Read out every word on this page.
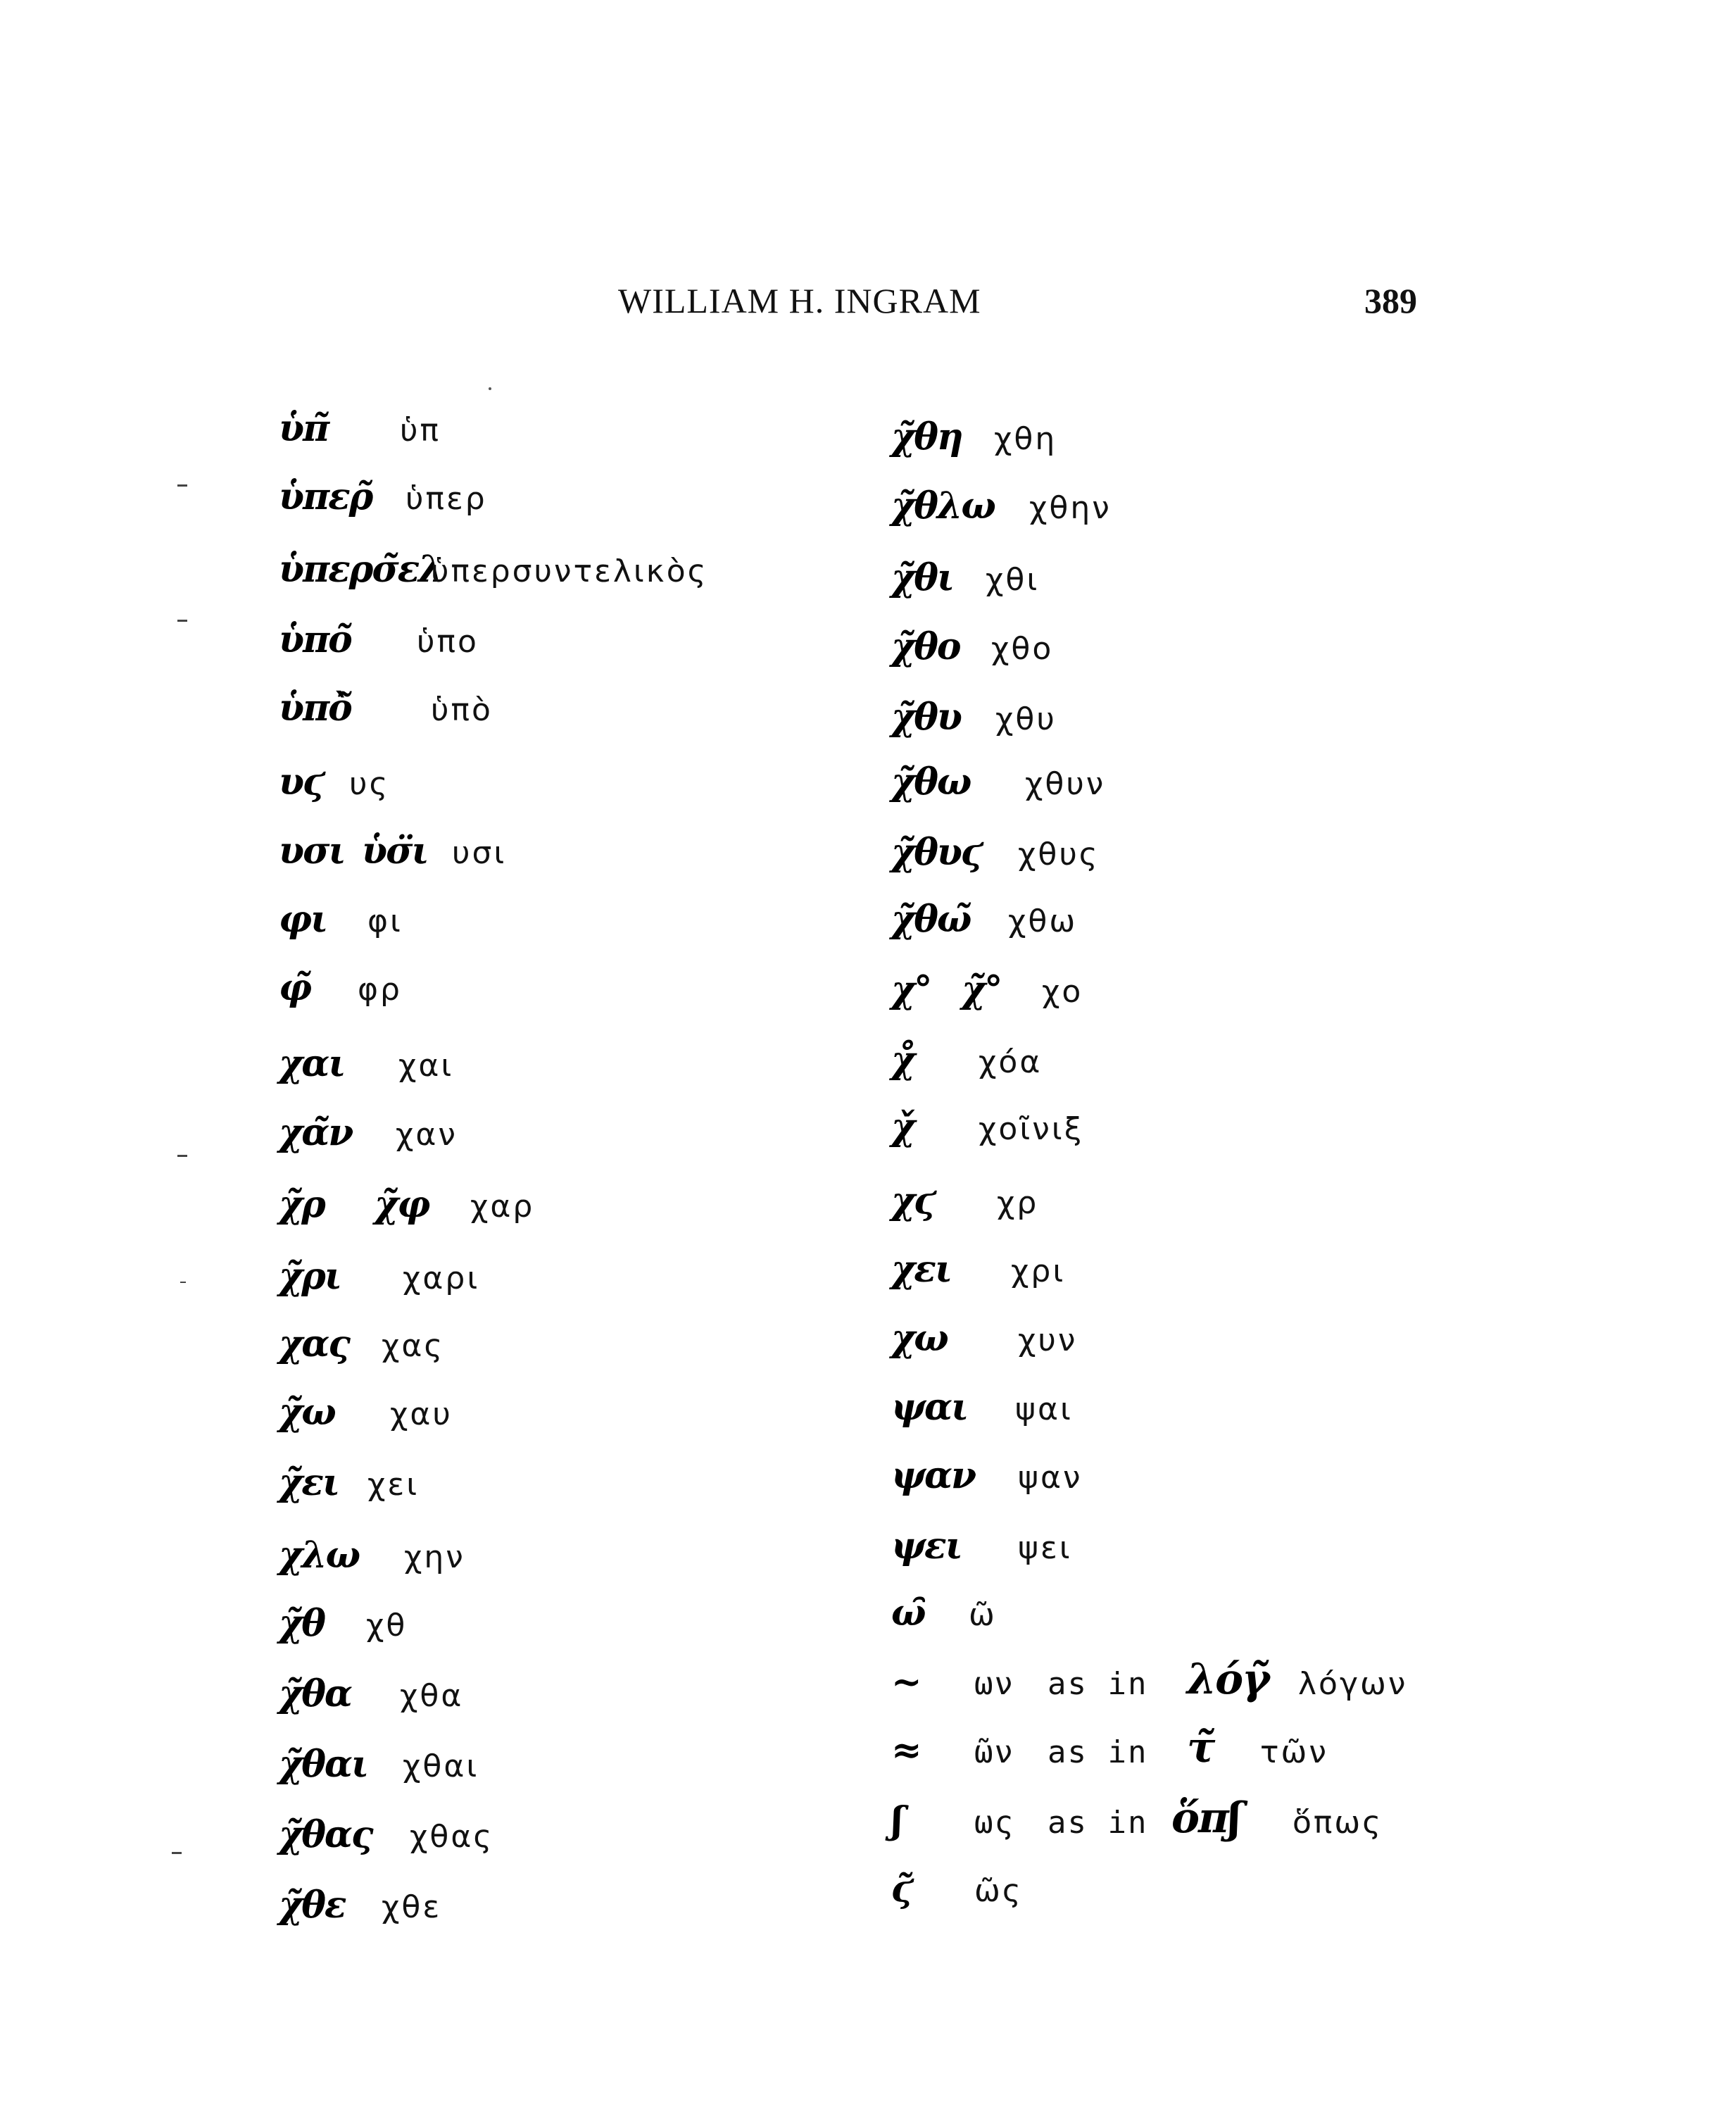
WILLIAM H. INGRAM	389
ὑπ̃ ὑπ
ὑπερ̃ ὑπερ
ὑπερσ̃ελ
ὑπερσυντελικὸς
ὑπο̃ ὑπο
ὑπὸ̃	ὑπὸ
υϛ υς
υσι ὑσ̈ι υσι
φι φι
φ̃ φρ
χαι χαι
χα̃ν χαν
χ̃ρ χ̃φ χαρ
χ̃ρι χαρι
χας χας
χ̃ω χαυ
χ̃ει χει
χλω χην
χ̃θ χθ
χ̃θα χθα
χ̃θαι χθαι
χ̃θας χθας
χ̃θε χθε
χ̃θη χθη
χ̃θλω χθην
χ̃θι χθι
χ̃θο χθο
χ̃θυ χθυ
χ̃θω χθυν
χ̃θυϛ χθυς
χ̃θω̃ χθω
χ° χ̃° χο
χ̊ χόα
χ̌ χοῖνιξ
χϛ χρ
χει χρι
χω χυν
ψαι ψαι
ψαν ψαν
ψει ψει
ω̑ ῶ
~ ων as in λόγ̃ λόγων
≈ ῶν as in τ̃ τῶν
ʃ ως as in ὅπʃ ὅπως
ϛ̃ ῶς
